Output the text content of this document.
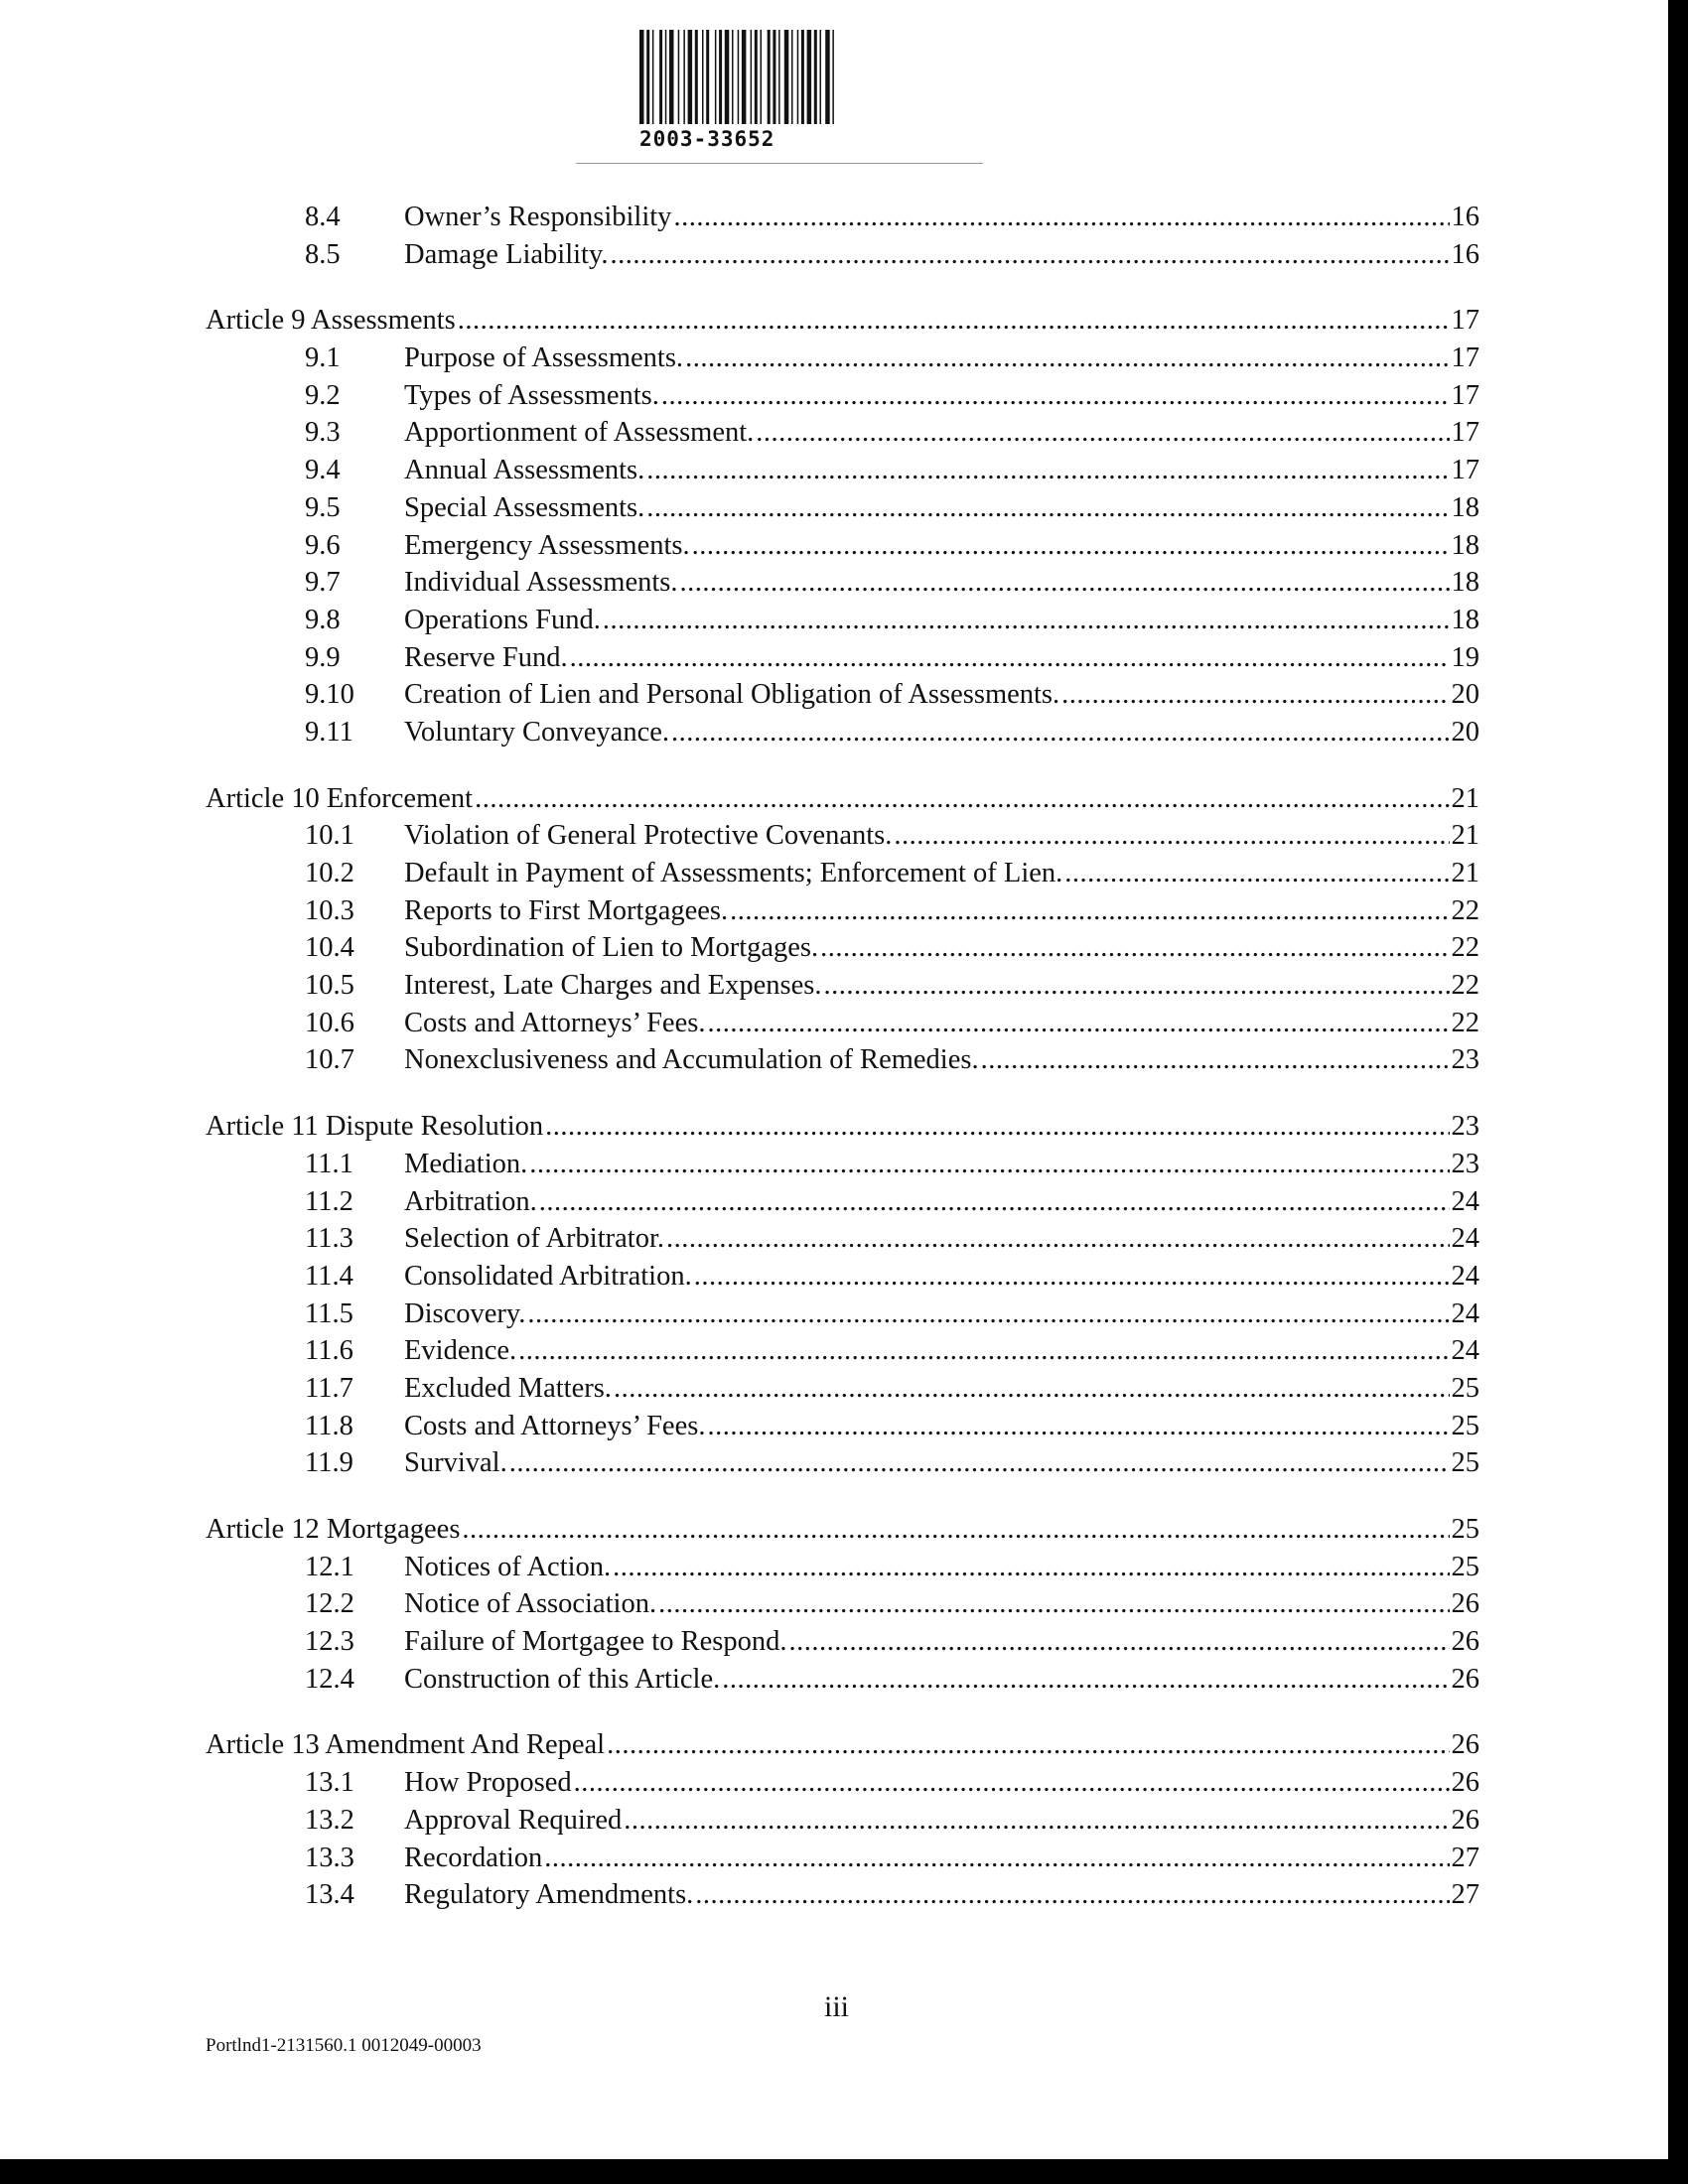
2003-33652
8.4	Owner’s Responsibility .....	16
8.5	Damage Liability. .....	16
Article 9 Assessments .....	17
9.1	Purpose of Assessments. .....	17
9.2	Types of Assessments. .....	17
9.3	Apportionment of Assessment. .....	17
9.4	Annual Assessments. .....	17
9.5	Special Assessments. .....	18
9.6	Emergency Assessments. .....	18
9.7	Individual Assessments. .....	18
9.8	Operations Fund. .....	18
9.9	Reserve Fund. .....	19
9.10	Creation of Lien and Personal Obligation of Assessments. .....	20
9.11	Voluntary Conveyance. .....	20
Article 10 Enforcement .....	21
10.1	Violation of General Protective Covenants. .....	21
10.2	Default in Payment of Assessments; Enforcement of Lien. .....	21
10.3	Reports to First Mortgagees. .....	22
10.4	Subordination of Lien to Mortgages. .....	22
10.5	Interest, Late Charges and Expenses. .....	22
10.6	Costs and Attorneys’ Fees. .....	22
10.7	Nonexclusiveness and Accumulation of Remedies. .....	23
Article 11 Dispute Resolution .....	23
11.1	Mediation. .....	23
11.2	Arbitration. .....	24
11.3	Selection of Arbitrator. .....	24
11.4	Consolidated Arbitration. .....	24
11.5	Discovery. .....	24
11.6	Evidence. .....	24
11.7	Excluded Matters. .....	25
11.8	Costs and Attorneys’ Fees. .....	25
11.9	Survival. .....	25
Article 12 Mortgagees .....	25
12.1	Notices of Action. .....	25
12.2	Notice of Association. .....	26
12.3	Failure of Mortgagee to Respond. .....	26
12.4	Construction of this Article. .....	26
Article 13 Amendment And Repeal .....	26
13.1	How Proposed .....	26
13.2	Approval Required .....	26
13.3	Recordation .....	27
13.4	Regulatory Amendments. .....	27
iii
Portlnd1-2131560.1 0012049-00003
